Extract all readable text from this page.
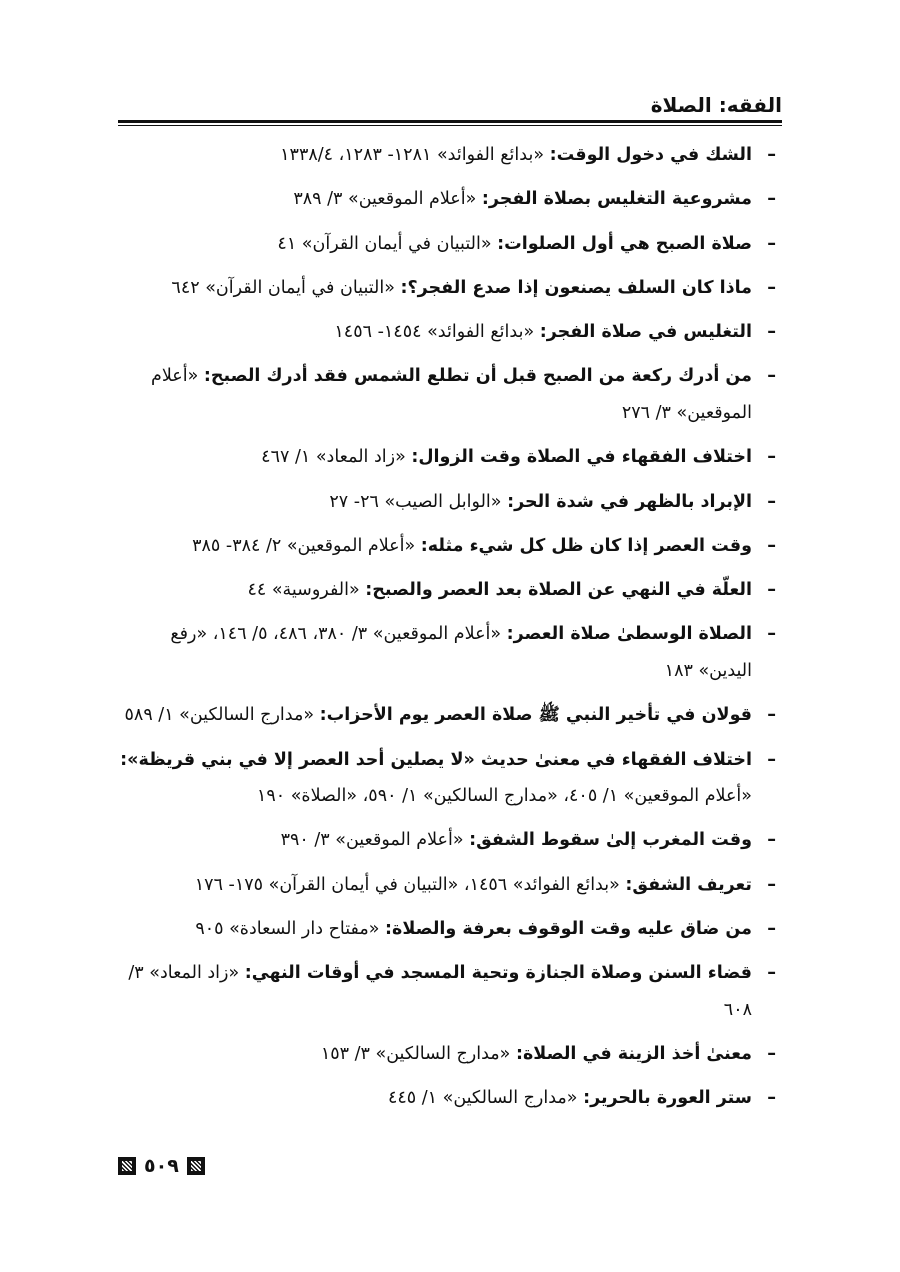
الفقه: الصلاة
–
الشك في دخول الوقت: «بدائع الفوائد» ١٢٨١- ١٢٨٣، ١٣٣٨/٤
–
مشروعية التغليس بصلاة الفجر: «أعلام الموقعين» ٣/ ٣٨٩
–
صلاة الصبح هي أول الصلوات: «التبيان في أيمان القرآن» ٤١
–
ماذا كان السلف يصنعون إذا صدع الفجر؟: «التبيان في أيمان القرآن» ٦٤٢
–
التغليس في صلاة الفجر: «بدائع الفوائد» ١٤٥٤- ١٤٥٦
–
من أدرك ركعة من الصبح قبل أن تطلع الشمس فقد أدرك الصبح: «أعلام الموقعين» ٣/ ٢٧٦
–
اختلاف الفقهاء في الصلاة وقت الزوال: «زاد المعاد» ١/ ٤٦٧
–
الإبراد بالظهر في شدة الحر: «الوابل الصيب» ٢٦- ٢٧
–
وقت العصر إذا كان ظل كل شيء مثله: «أعلام الموقعين» ٢/ ٣٨٤- ٣٨٥
–
العلّة في النهي عن الصلاة بعد العصر والصبح: «الفروسية» ٤٤
–
الصلاة الوسطىٰ صلاة العصر: «أعلام الموقعين» ٣/ ٣٨٠، ٤٨٦، ٥/ ١٤٦، «رفع اليدين» ١٨٣
–
قولان في تأخير النبي ﷺ صلاة العصر يوم الأحزاب: «مدارج السالكين» ١/ ٥٨٩
–
اختلاف الفقهاء في معنىٰ حديث «لا يصلين أحد العصر إلا في بني قريظة»: «أعلام الموقعين» ١/ ٤٠٥، «مدارج السالكين» ١/ ٥٩٠، «الصلاة» ١٩٠
–
وقت المغرب إلىٰ سقوط الشفق: «أعلام الموقعين» ٣/ ٣٩٠
–
تعريف الشفق: «بدائع الفوائد» ١٤٥٦، «التبيان في أيمان القرآن» ١٧٥- ١٧٦
–
من ضاق عليه وقت الوقوف بعرفة والصلاة: «مفتاح دار السعادة» ٩٠٥
–
قضاء السنن وصلاة الجنازة وتحية المسجد في أوقات النهي: «زاد المعاد» ٣/ ٦٠٨
–
معنىٰ أخذ الزينة في الصلاة: «مدارج السالكين» ٣/ ١٥٣
–
ستر العورة بالحرير: «مدارج السالكين» ١/ ٤٤٥
٥٠٩
